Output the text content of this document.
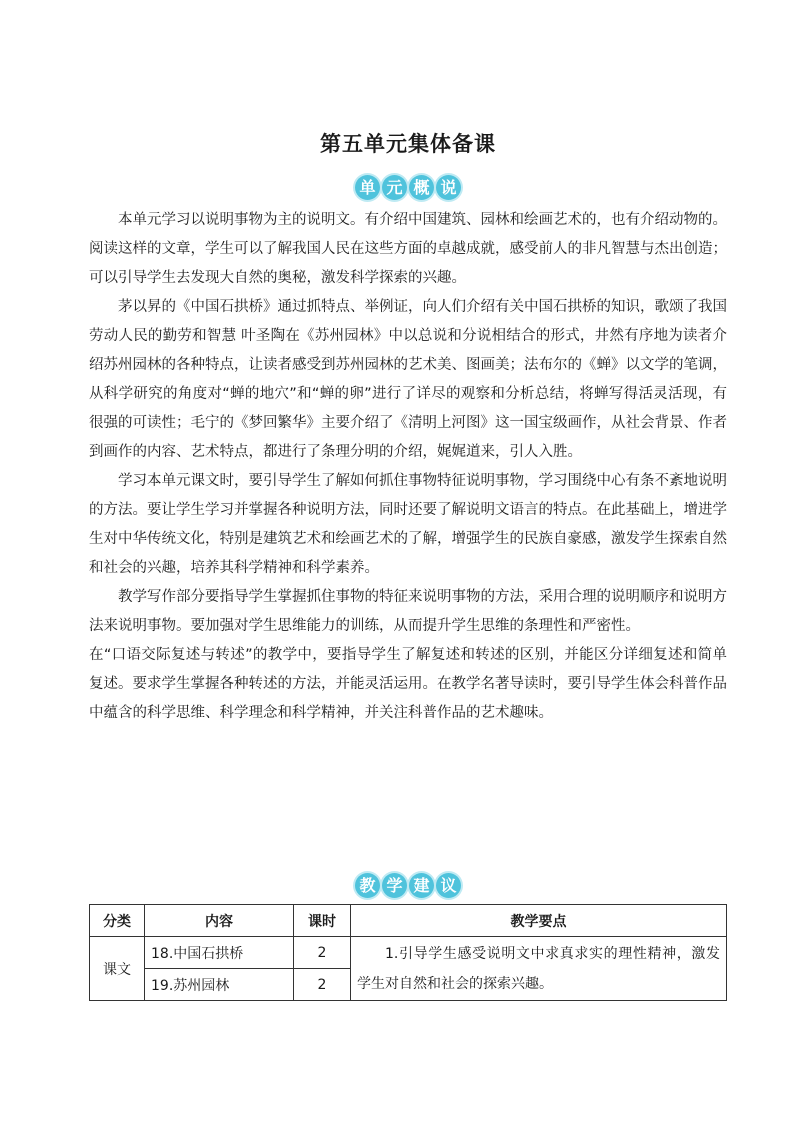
第五单元集体备课
单 元 概 说

本单元学习以说明事物为主的说明文。有介绍中国建筑、园林和绘画艺术的，也有介绍动物的。阅读这样的文章，学生可以了解我国人民在这些方面的卓越成就，感受前人的非凡智慧与杰出创造；可以引导学生去发现大自然的奥秘，激发科学探索的兴趣。

茅以昇的《中国石拱桥》通过抓特点、举例证，向人们介绍有关中国石拱桥的知识，歌颂了我国劳动人民的勤劳和智慧 叶圣陶在《苏州园林》中以总说和分说相结合的形式，井然有序地为读者介绍苏州园林的各种特点，让读者感受到苏州园林的艺术美、图画美；法布尔的《蝉》以文学的笔调，从科学研究的角度对“蝉的地穴”和“蝉的卵”进行了详尽的观察和分析总结，将蝉写得活灵活现，有很强的可读性；毛宁的《梦回繁华》主要介绍了《清明上河图》这一国宝级画作，从社会背景、作者到画作的内容、艺术特点，都进行了条理分明的介绍，娓娓道来，引人入胜。

学习本单元课文时，要引导学生了解如何抓住事物特征说明事物，学习围绕中心有条不紊地说明的方法。要让学生学习并掌握各种说明方法，同时还要了解说明文语言的特点。在此基础上，增进学生对中华传统文化，特别是建筑艺术和绘画艺术的了解，增强学生的民族自豪感，激发学生探索自然和社会的兴趣，培养其科学精神和科学素养。

教学写作部分要指导学生掌握抓住事物的特征来说明事物的方法，采用合理的说明顺序和说明方法来说明事物。要加强对学生思维能力的训练，从而提升学生思维的条理性和严密性。

在“口语交际复述与转述”的教学中，要指导学生了解复述和转述的区别，并能区分详细复述和简单复述。要求学生掌握各种转述的方法，并能灵活运用。在教学名著导读时，要引导学生体会科普作品中蕴含的科学思维、科学理念和科学精神，并关注科普作品的艺术趣味。

教 学 建 议
分类	内容	课时	教学要点
课文	18.中国石拱桥	2	1.引导学生感受说明文中求真求实的理性精神，激发学生对自然和社会的探索兴趣。

	19.苏州园林	2	
